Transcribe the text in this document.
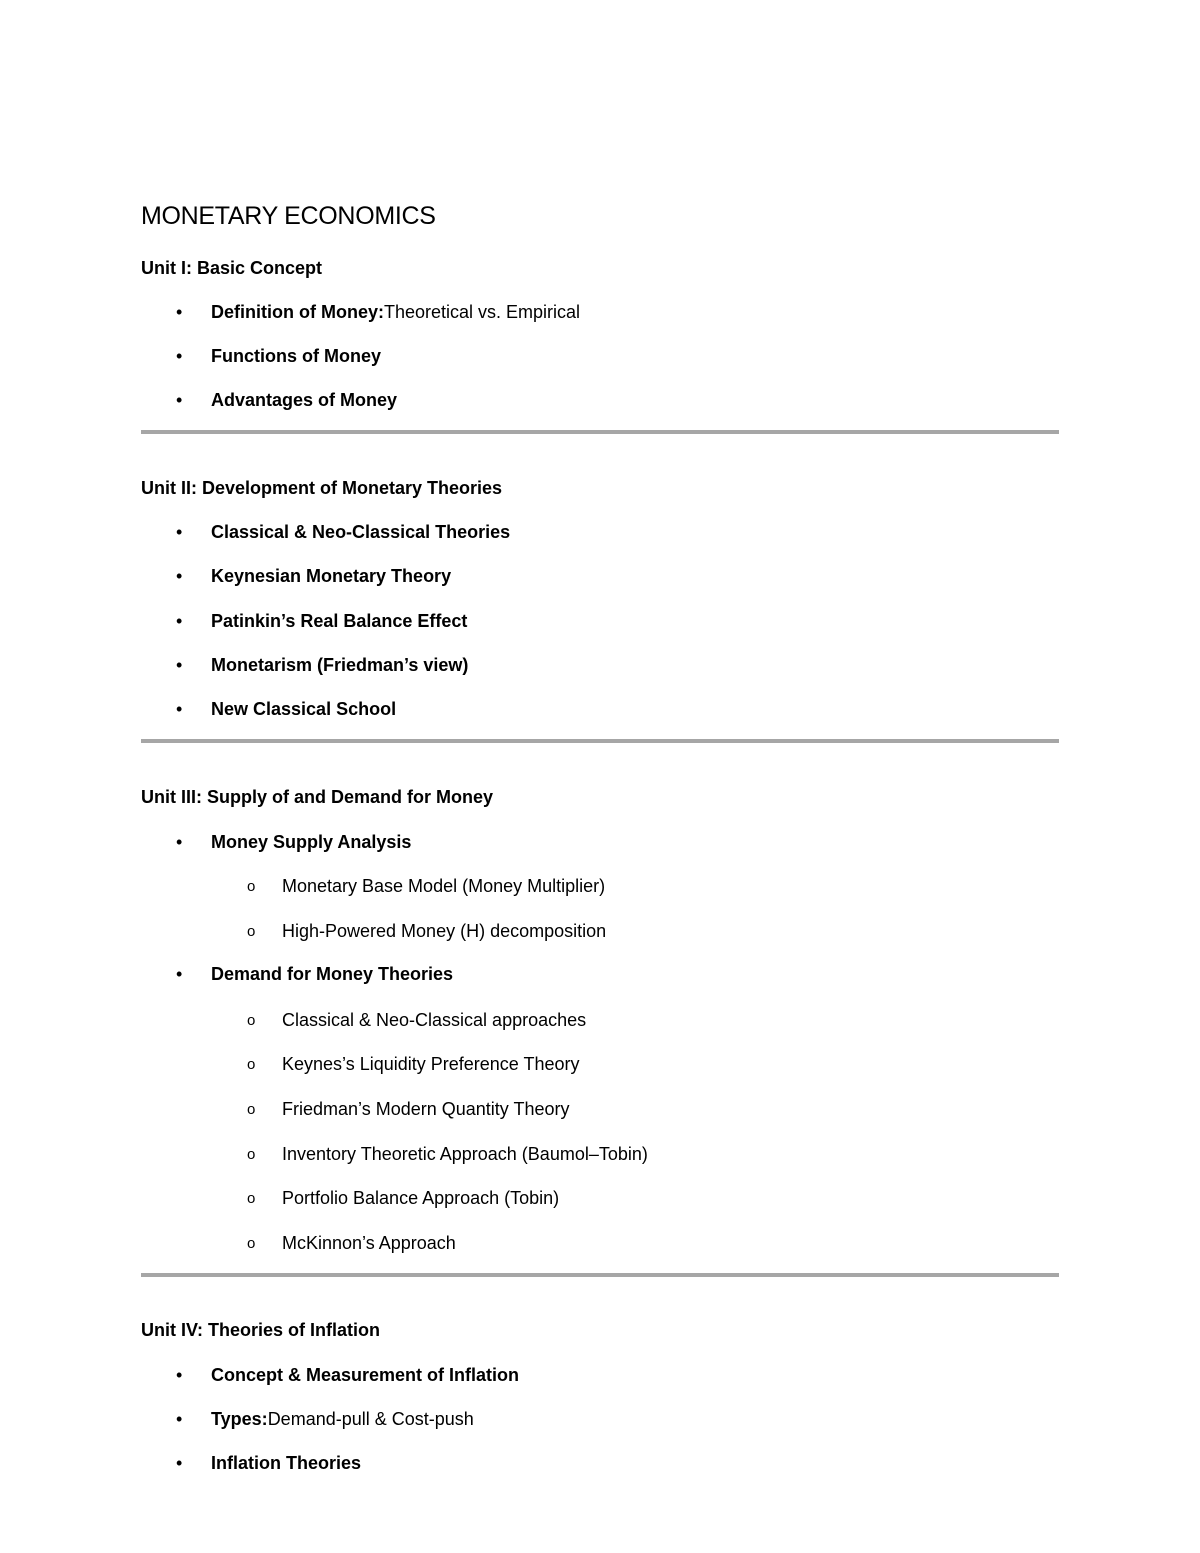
MONETARY ECONOMICS
Unit I: Basic Concept
•	Definition of Money: Theoretical vs. Empirical
•	Functions of Money
•	Advantages of Money
Unit II: Development of Monetary Theories
•	Classical & Neo-Classical Theories
•	Keynesian Monetary Theory
•	Patinkin’s Real Balance Effect
•	Monetarism (Friedman’s view)
•	New Classical School
Unit III: Supply of and Demand for Money
•	Money Supply Analysis
o	Monetary Base Model (Money Multiplier)
o	High-Powered Money (H) decomposition
•	Demand for Money Theories
o	Classical & Neo-Classical approaches
o	Keynes’s Liquidity Preference Theory
o	Friedman’s Modern Quantity Theory
o	Inventory Theoretic Approach (Baumol–Tobin)
o	Portfolio Balance Approach (Tobin)
o	McKinnon’s Approach
Unit IV: Theories of Inflation
•	Concept & Measurement of Inflation
•	Types: Demand-pull & Cost-push
•	Inflation Theories
